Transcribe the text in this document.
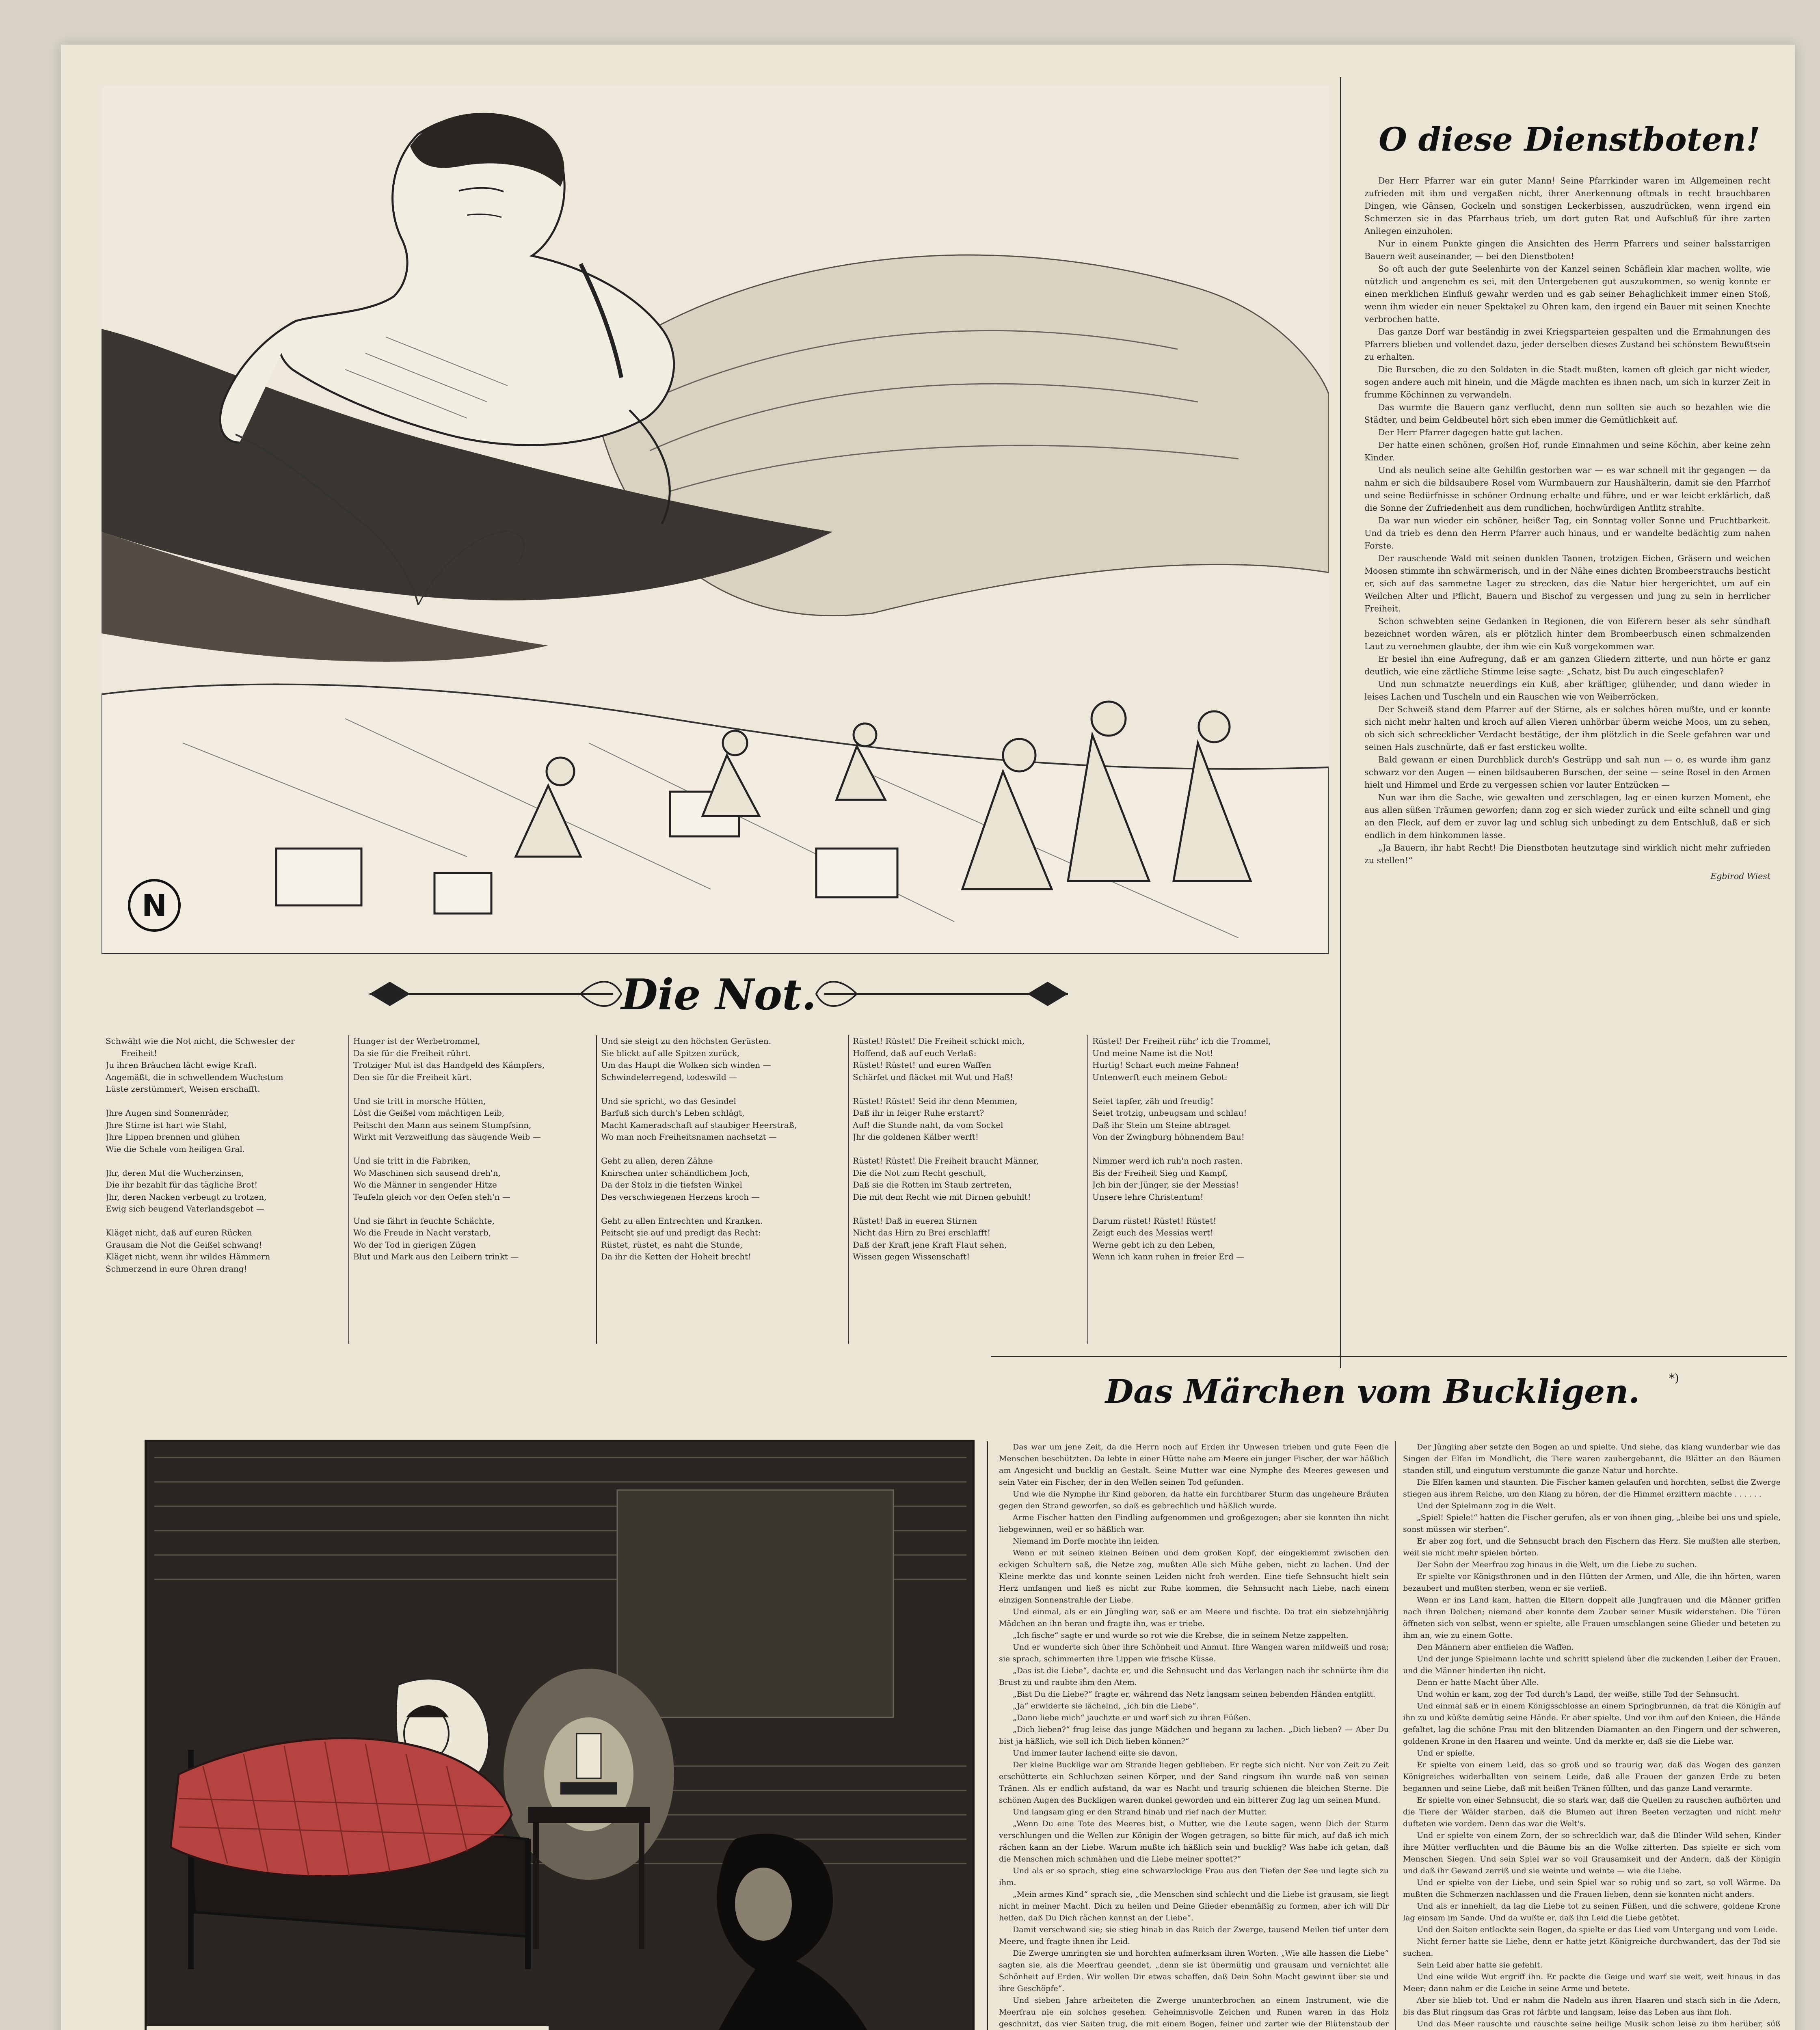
N
O diese Dienstboten!

Der Herr Pfarrer war ein guter Mann! Seine Pfarrkinder waren im Allgemeinen recht zufrieden mit ihm und vergaßen nicht, ihrer Anerkennung oftmals in recht brauchbaren Dingen, wie Gänsen, Gockeln und sonstigen Leckerbissen, auszudrücken, wenn irgend ein Schmerzen sie in das Pfarrhaus trieb, um dort guten Rat und Aufschluß für ihre zarten Anliegen einzuholen.

Nur in einem Punkte gingen die Ansichten des Herrn Pfarrers und seiner halsstarrigen Bauern weit auseinander, — bei den Dienstboten!

So oft auch der gute Seelenhirte von der Kanzel seinen Schäflein klar machen wollte, wie nützlich und angenehm es sei, mit den Untergebenen gut auszukommen, so wenig konnte er einen merklichen Einfluß gewahr werden und es gab seiner Behaglichkeit immer einen Stoß, wenn ihm wieder ein neuer Spektakel zu Ohren kam, den irgend ein Bauer mit seinen Knechte verbrochen hatte.

Das ganze Dorf war beständig in zwei Kriegsparteien gespalten und die Ermahnungen des Pfarrers blieben und vollendet dazu, jeder derselben dieses Zustand bei schönstem Bewußtsein zu erhalten.

Die Burschen, die zu den Soldaten in die Stadt mußten, kamen oft gleich gar nicht wieder, sogen andere auch mit hinein, und die Mägde machten es ihnen nach, um sich in kurzer Zeit in frumme Köchinnen zu verwandeln.

Das wurmte die Bauern ganz verflucht, denn nun sollten sie auch so bezahlen wie die Städter, und beim Geldbeutel hört sich eben immer die Gemütlichkeit auf.

Der Herr Pfarrer dagegen hatte gut lachen.

Der hatte einen schönen, großen Hof, runde Einnahmen und seine Köchin, aber keine zehn Kinder.

Und als neulich seine alte Gehilfin gestorben war — es war schnell mit ihr gegangen — da nahm er sich die bildsaubere Rosel vom Wurmbauern zur Haushälterin, damit sie den Pfarrhof und seine Bedürfnisse in schöner Ordnung erhalte und führe, und er war leicht erklärlich, daß die Sonne der Zufriedenheit aus dem rundlichen, hochwürdigen Antlitz strahlte.

Da war nun wieder ein schöner, heißer Tag, ein Sonntag voller Sonne und Fruchtbarkeit. Und da trieb es denn den Herrn Pfarrer auch hinaus, und er wandelte bedächtig zum nahen Forste.

Der rauschende Wald mit seinen dunklen Tannen, trotzigen Eichen, Gräsern und weichen Moosen stimmte ihn schwärmerisch, und in der Nähe eines dichten Brombeerstrauchs besticht er, sich auf das sammetne Lager zu strecken, das die Natur hier hergerichtet, um auf ein Weilchen Alter und Pflicht, Bauern und Bischof zu vergessen und jung zu sein in herrlicher Freiheit.

Schon schwebten seine Gedanken in Regionen, die von Eiferern beser als sehr sündhaft bezeichnet worden wären, als er plötzlich hinter dem Brombeerbusch einen schmalzenden Laut zu vernehmen glaubte, der ihm wie ein Kuß vorgekommen war.

Er besiel ihn eine Aufregung, daß er am ganzen Gliedern zitterte, und nun hörte er ganz deutlich, wie eine zärtliche Stimme leise sagte: „Schatz, bist Du auch eingeschlafen?

Und nun schmatzte neuerdings ein Kuß, aber kräftiger, glühender, und dann wieder in leises Lachen und Tuscheln und ein Rauschen wie von Weiberröcken.

Der Schweiß stand dem Pfarrer auf der Stirne, als er solches hören mußte, und er konnte sich nicht mehr halten und kroch auf allen Vieren unhörbar überm weiche Moos, um zu sehen, ob sich sich schrecklicher Verdacht bestätige, der ihm plötzlich in die Seele gefahren war und seinen Hals zuschnürte, daß er fast erstickeu wollte.

Bald gewann er einen Durchblick durch's Gestrüpp und sah nun — o, es wurde ihm ganz schwarz vor den Augen — einen bildsauberen Burschen, der seine — seine Rosel in den Armen hielt und Himmel und Erde zu vergessen schien vor lauter Entzücken —

Nun war ihm die Sache, wie gewalten und zerschlagen, lag er einen kurzen Moment, ehe aus allen süßen Träumen geworfen; dann zog er sich wieder zurück und eilte schnell und ging an den Fleck, auf dem er zuvor lag und schlug sich unbedingt zu dem Entschluß, daß er sich endlich in dem hinkommen lasse.

„Ja Bauern, ihr habt Recht! Die Dienstboten heutzutage sind wirklich nicht mehr zufrieden zu stellen!“

Egbirod Wiest

Die Not.
Schwäht wie die Not nicht, die Schwester der
Freiheit!
Ju ihren Bräuchen lächt ewige Kraft.
Angemäßt, die in schwellendem Wuchstum
Lüste zerstümmert, Weisen erschafft.

Jhre Augen sind Sonnenräder,
Jhre Stirne ist hart wie Stahl,
Jhre Lippen brennen und glühen
Wie die Schale vom heiligen Gral.

Jhr, deren Mut die Wucherzinsen,
Die ihr bezahlt für das tägliche Brot!
Jhr, deren Nacken verbeugt zu trotzen,
Ewig sich beugend Vaterlandsgebot —

Kläget nicht, daß auf euren Rücken
Grausam die Not die Geißel schwang!
Kläget nicht, wenn ihr wildes Hämmern
Schmerzend in eure Ohren drang!
Hunger ist der Werbetrommel,
Da sie für die Freiheit rührt.
Trotziger Mut ist das Handgeld des Kämpfers,
Den sie für die Freiheit kürt.

Und sie tritt in morsche Hütten,
Löst die Geißel vom mächtigen Leib,
Peitscht den Mann aus seinem Stumpfsinn,
Wirkt mit Verzweiflung das säugende Weib —

Und sie tritt in die Fabriken,
Wo Maschinen sich sausend dreh'n,
Wo die Männer in sengender Hitze
Teufeln gleich vor den Oefen steh'n —

Und sie fährt in feuchte Schächte,
Wo die Freude in Nacht verstarb,
Wo der Tod in gierigen Zügen
Blut und Mark aus den Leibern trinkt —
Und sie steigt zu den höchsten Gerüsten.
Sie blickt auf alle Spitzen zurück,
Um das Haupt die Wolken sich winden —
Schwindelerregend, todeswild —

Und sie spricht, wo das Gesindel
Barfuß sich durch's Leben schlägt,
Macht Kameradschaft auf staubiger Heerstraß,
Wo man noch Freiheitsnamen nachsetzt —

Geht zu allen, deren Zähne
Knirschen unter schändlichem Joch,
Da der Stolz in die tiefsten Winkel
Des verschwiegenen Herzens kroch —

Geht zu allen Entrechten und Kranken.
Peitscht sie auf und predigt das Recht:
Rüstet, rüstet, es naht die Stunde,
Da ihr die Ketten der Hoheit brecht!
Rüstet! Rüstet! Die Freiheit schickt mich,
Hoffend, daß auf euch Verlaß:
Rüstet! Rüstet! und euren Waffen
Schärfet und fläcket mit Wut und Haß!

Rüstet! Rüstet! Seid ihr denn Memmen,
Daß ihr in feiger Ruhe erstarrt?
Auf! die Stunde naht, da vom Sockel
Jhr die goldenen Kälber werft!

Rüstet! Rüstet! Die Freiheit braucht Männer,
Die die Not zum Recht geschult,
Daß sie die Rotten im Staub zertreten,
Die mit dem Recht wie mit Dirnen gebuhlt!

Rüstet! Daß in eueren Stirnen
Nicht das Hirn zu Brei erschlafft!
Daß der Kraft jene Kraft Flaut sehen,
Wissen gegen Wissenschaft!
Rüstet! Der Freiheit rühr' ich die Trommel,
Und meine Name ist die Not!
Hurtig! Schart euch meine Fahnen!
Untenwerft euch meinem Gebot:

Seiet tapfer, zäh und freudig!
Seiet trotzig, unbeugsam und schlau!
Daß ihr Stein um Steine abtraget
Von der Zwingburg höhnendem Bau!

Nimmer werd ich ruh'n noch rasten.
Bis der Freiheit Sieg und Kampf,
Jch bin der Jünger, sie der Messias!
Unsere lehre Christentum!

Darum rüstet! Rüstet! Rüstet!
Zeigt euch des Messias wert!
Werne gebt ich zu den Leben,
Wenn ich kann ruhen in freier Erd —
Das Märchen vom Buckligen.	*)

Das war um jene Zeit, da die Herrn noch auf Erden ihr Unwesen trieben und gute Feen die Menschen beschützten. Da lebte in einer Hütte nahe am Meere ein junger Fischer, der war häßlich am Angesicht und bucklig an Gestalt. Seine Mutter war eine Nymphe des Meeres gewesen und sein Vater ein Fischer, der in den Wellen seinen Tod gefunden.

Und wie die Nymphe ihr Kind geboren, da hatte ein furchtbarer Sturm das ungeheure Bräuten gegen den Strand geworfen, so daß es gebrechlich und häßlich wurde.

Arme Fischer hatten den Findling aufgenommen und großgezogen; aber sie konnten ihn nicht liebgewinnen, weil er so häßlich war.

Niemand im Dorfe mochte ihn leiden.

Wenn er mit seinen kleinen Beinen und dem großen Kopf, der eingeklemmt zwischen den eckigen Schultern saß, die Netze zog, mußten Alle sich Mühe geben, nicht zu lachen. Und der Kleine merkte das und konnte seinen Leiden nicht froh werden. Eine tiefe Sehnsucht hielt sein Herz umfangen und ließ es nicht zur Ruhe kommen, die Sehnsucht nach Liebe, nach einem einzigen Sonnenstrahle der Liebe.

Und einmal, als er ein Jüngling war, saß er am Meere und fischte. Da trat ein siebzehnjährig Mädchen an ihn heran und fragte ihn, was er triebe.

„Ich fische“ sagte er und wurde so rot wie die Krebse, die in seinem Netze zappelten.

Und er wunderte sich über ihre Schönheit und Anmut. Ihre Wangen waren mildweiß und rosa; sie sprach, schimmerten ihre Lippen wie frische Küsse.

„Das ist die Liebe“, dachte er, und die Sehnsucht und das Verlangen nach ihr schnürte ihm die Brust zu und raubte ihm den Atem.

„Bist Du die Liebe?“ fragte er, während das Netz langsam seinen bebenden Händen entglitt.

„Ja“ erwiderte sie lächelnd, „ich bin die Liebe“.

„Dann liebe mich“ jauchzte er und warf sich zu ihren Füßen.

„Dich lieben?“ frug leise das junge Mädchen und begann zu lachen. „Dich lieben? — Aber Du bist ja häßlich, wie soll ich Dich lieben können?“

Und immer lauter lachend eilte sie davon.

Der kleine Bucklige war am Strande liegen geblieben. Er regte sich nicht. Nur von Zeit zu Zeit erschütterte ein Schluchzen seinen Körper, und der Sand ringsum ihn wurde naß von seinen Tränen. Als er endlich aufstand, da war es Nacht und traurig schienen die bleichen Sterne. Die schönen Augen des Buckligen waren dunkel geworden und ein bitterer Zug lag um seinen Mund.

Und langsam ging er den Strand hinab und rief nach der Mutter.

„Wenn Du eine Tote des Meeres bist, o Mutter, wie die Leute sagen, wenn Dich der Sturm verschlungen und die Wellen zur Königin der Wogen getragen, so bitte für mich, auf daß ich mich rächen kann an der Liebe. Warum mußte ich häßlich sein und bucklig? Was habe ich getan, daß die Menschen mich schmähen und die Liebe meiner spottet?“

Und als er so sprach, stieg eine schwarzlockige Frau aus den Tiefen der See und legte sich zu ihm.

„Mein armes Kind“ sprach sie, „die Menschen sind schlecht und die Liebe ist grausam, sie liegt nicht in meiner Macht. Dich zu heilen und Deine Glieder ebenmäßig zu formen, aber ich will Dir helfen, daß Du Dich rächen kannst an der Liebe“.

Damit verschwand sie; sie stieg hinab in das Reich der Zwerge, tausend Meilen tief unter dem Meere, und fragte ihnen ihr Leid.

Die Zwerge umringten sie und horchten aufmerksam ihren Worten. „Wie alle hassen die Liebe“ sagten sie, als die Meerfrau geendet, „denn sie ist übermütig und grausam und vernichtet alle Schönheit auf Erden. Wir wollen Dir etwas schaffen, daß Dein Sohn Macht gewinnt über sie und ihre Geschöpfe“.

Und sieben Jahre arbeiteten die Zwerge ununterbrochen an einem Instrument, wie die Meerfrau nie ein solches gesehen. Geheimnisvolle Zeichen und Runen waren in das Holz geschnitzt, das vier Saiten trug, die mit einem Bogen, feiner und zarter wie der Blütenstaub der

Der Jüngling aber setzte den Bogen an und spielte. Und siehe, das klang wunderbar wie das Singen der Elfen im Mondlicht, die Tiere waren zaubergebannt, die Blätter an den Bäumen standen still, und eingutum verstummte die ganze Natur und horchte.

Die Elfen kamen und staunten. Die Fischer kamen gelaufen und horchten, selbst die Zwerge stiegen aus ihrem Reiche, um den Klang zu hören, der die Himmel erzittern machte . . . . . .

Und der Spielmann zog in die Welt.

„Spiel! Spiele!“ hatten die Fischer gerufen, als er von ihnen ging, „bleibe bei uns und spiele, sonst müssen wir sterben“.

Er aber zog fort, und die Sehnsucht brach den Fischern das Herz. Sie mußten alle sterben, weil sie nicht mehr spielen hörten.

Der Sohn der Meerfrau zog hinaus in die Welt, um die Liebe zu suchen.

Er spielte vor Königsthronen und in den Hütten der Armen, und Alle, die ihn hörten, waren bezaubert und mußten sterben, wenn er sie verließ.

Wenn er ins Land kam, hatten die Eltern doppelt alle Jungfrauen und die Männer griffen nach ihren Dolchen; niemand aber konnte dem Zauber seiner Musik widerstehen. Die Türen öffneten sich von selbst, wenn er spielte, alle Frauen umschlangen seine Glieder und beteten zu ihm an, wie zu einem Gotte.

Den Männern aber entfielen die Waffen.

Und der junge Spielmann lachte und schritt spielend über die zuckenden Leiber der Frauen, und die Männer hinderten ihn nicht.

Denn er hatte Macht über Alle.

Und wohin er kam, zog der Tod durch's Land, der weiße, stille Tod der Sehnsucht.

Und einmal saß er in einem Königsschlosse an einem Springbrunnen, da trat die Königin auf ihn zu und küßte demütig seine Hände. Er aber spielte. Und vor ihm auf den Knieen, die Hände gefaltet, lag die schöne Frau mit den blitzenden Diamanten an den Fingern und der schweren, goldenen Krone in den Haaren und weinte. Und da merkte er, daß sie die Liebe war.

Und er spielte.

Er spielte von einem Leid, das so groß und so traurig war, daß das Wogen des ganzen Königreiches widerhallten von seinem Leide, daß alle Frauen der ganzen Erde zu beten begannen und seine Liebe, daß mit heißen Tränen füllten, und das ganze Land verarmte.

Er spielte von einer Sehnsucht, die so stark war, daß die Quellen zu rauschen aufhörten und die Tiere der Wälder starben, daß die Blumen auf ihren Beeten verzagten und nicht mehr dufteten wie vordem. Denn das war die Welt's.

Und er spielte von einem Zorn, der so schrecklich war, daß die Blinder Wild sehen, Kinder ihre Mütter verfluchten und die Bäume bis an die Wolke zitterten. Das spielte er sich vom Menschen Siegen. Und sein Spiel war so voll Grausamkeit und der Andern, daß der Königin und daß ihr Gewand zerriß und sie weinte und weinte — wie die Liebe.

Und er spielte von der Liebe, und sein Spiel war so ruhig und so zart, so voll Wärme. Da mußten die Schmerzen nachlassen und die Frauen lieben, denn sie konnten nicht anders.

Und als er innehielt, da lag die Liebe tot zu seinen Füßen, und die schwere, goldene Krone lag einsam im Sande. Und da wußte er, daß ihn Leid die Liebe getötet.

Und den Saiten entlockte sein Bogen, da spielte er das Lied vom Untergang und vom Leide.

Nicht ferner hatte sie Liebe, denn er hatte jetzt Königreiche durchwandert, das der Tod sie suchen.

Sein Leid aber hatte sie gefehlt.

Und eine wilde Wut ergriff ihn. Er packte die Geige und warf sie weit, weit hinaus in das Meer; dann nahm er die Leiche in seine Arme und betete.

Aber sie blieb tot. Und er nahm die Nadeln aus ihren Haaren und stach sich in die Adern, bis das Blut ringsum das Gras rot färbte und langsam, leise das Leben aus ihm floh.

Und das Meer rauschte und rauschte seine heilige Musik schon leise zu ihm herüber, süß
